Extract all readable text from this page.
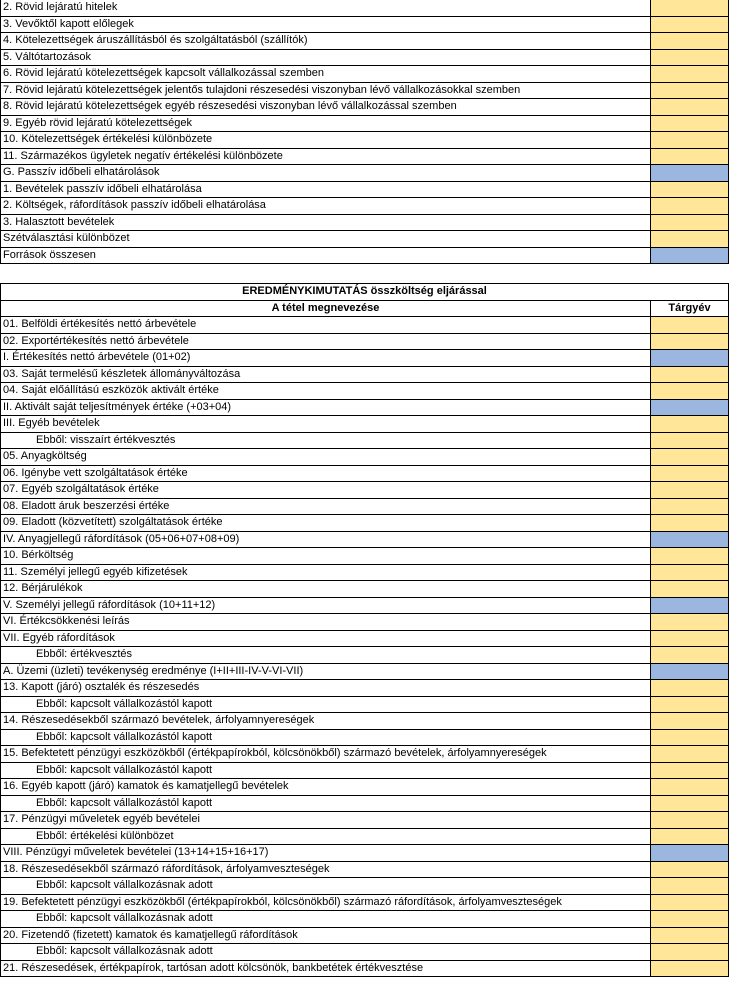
2. Rövid lejáratú hitelek	
3. Vevőktől kapott előlegek	
4. Kötelezettségek áruszállításból és szolgáltatásból (szállítók)	
5. Váltótartozások	
6. Rövid lejáratú kötelezettségek kapcsolt vállalkozással szemben	
7. Rövid lejáratú kötelezettségek jelentős tulajdoni részesedési viszonyban lévő vállalkozásokkal szemben	
8. Rövid lejáratú kötelezettségek egyéb részesedési viszonyban lévő vállalkozással szemben	
9. Egyéb rövid lejáratú kötelezettségek	
10. Kötelezettségek értékelési különbözete	
11. Származékos ügyletek negatív értékelési különbözete	
G. Passzív időbeli elhatárolások	
1. Bevételek passzív időbeli elhatárolása	
2. Költségek, ráfordítások passzív időbeli elhatárolása	
3. Halasztott bevételek	
Szétválasztási különbözet	
Források összesen	
EREDMÉNYKIMUTATÁS összköltség eljárással	
A tétel megnevezése	Tárgyév
01. Belföldi értékesítés nettó árbevétele	
02. Exportértékesítés nettó árbevétele	
I. Értékesítés nettó árbevétele (01+02)	
03. Saját termelésű készletek állományváltozása	
04. Saját előállítású eszközök aktivált értéke	
II. Aktivált saját teljesítmények értéke (+03+04)	
III. Egyéb bevételek	
Ebből: visszaírt értékvesztés	
05. Anyagköltség	
06. Igénybe vett szolgáltatások értéke	
07. Egyéb szolgáltatások értéke	
08. Eladott áruk beszerzési értéke	
09. Eladott (közvetített) szolgáltatások értéke	
IV. Anyagjellegű ráfordítások (05+06+07+08+09)	
10. Bérköltség	
11. Személyi jellegű egyéb kifizetések	
12. Bérjárulékok	
V. Személyi jellegű ráfordítások (10+11+12)	
VI. Értékcsökkenési leírás	
VII. Egyéb ráfordítások	
Ebből: értékvesztés	
A. Üzemi (üzleti) tevékenység eredménye (I+II+III-IV-V-VI-VII)	
13. Kapott (járó) osztalék és részesedés	
Ebből: kapcsolt vállalkozástól kapott	
14. Részesedésekből származó bevételek, árfolyamnyereségek	
Ebből: kapcsolt vállalkozástól kapott	
15. Befektetett pénzügyi eszközökből (értékpapírokból, kölcsönökből) származó bevételek, árfolyamnyereségek	
Ebből: kapcsolt vállalkozástól kapott	
16. Egyéb kapott (járó) kamatok és kamatjellegű bevételek	
Ebből: kapcsolt vállalkozástól kapott	
17. Pénzügyi műveletek egyéb bevételei	
Ebből: értékelési különbözet	
VIII. Pénzügyi műveletek bevételei (13+14+15+16+17)	
18. Részesedésekből származó ráfordítások, árfolyamveszteségek	
Ebből: kapcsolt vállalkozásnak adott	
19. Befektetett pénzügyi eszközökből (értékpapírokból, kölcsönökből) származó ráfordítások, árfolyamveszteségek	
Ebből: kapcsolt vállalkozásnak adott	
20. Fizetendő (fizetett) kamatok és kamatjellegű ráfordítások	
Ebből: kapcsolt vállalkozásnak adott	
21. Részesedések, értékpapírok, tartósan adott kölcsönök, bankbetétek értékvesztése	
